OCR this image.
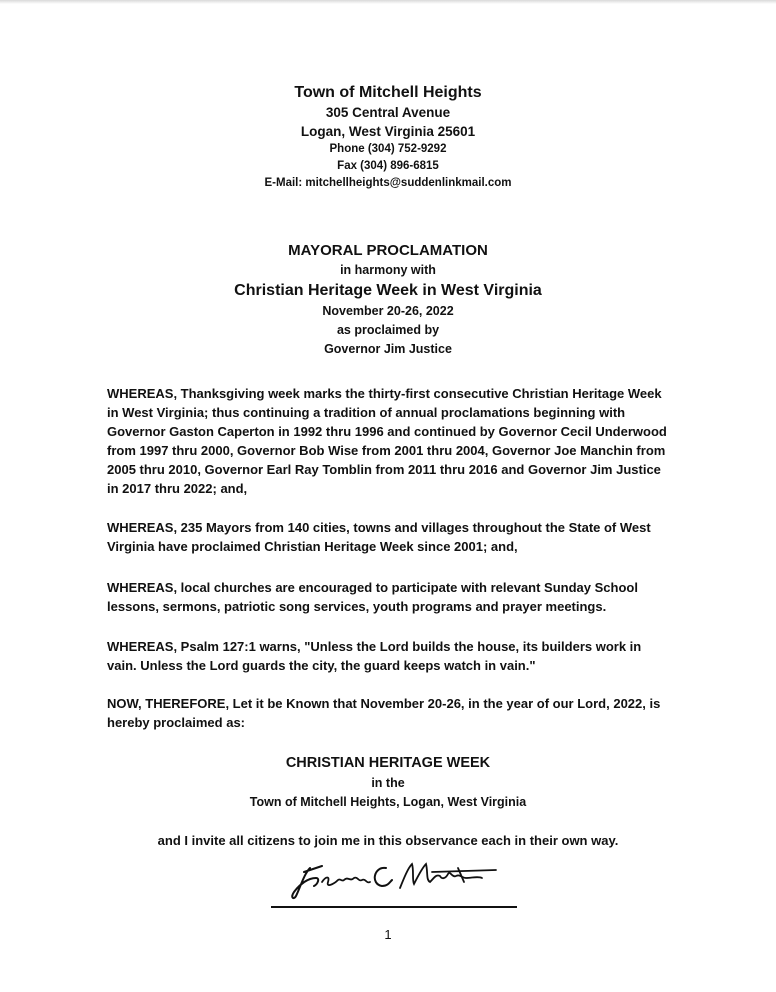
Town of Mitchell Heights
305 Central Avenue
Logan, West Virginia 25601
Phone (304) 752-9292
Fax (304) 896-6815
E-Mail: mitchellheights@suddenlinkmail.com
MAYORAL PROCLAMATION
in harmony with
Christian Heritage Week in West Virginia
November 20-26, 2022
as proclaimed by
Governor Jim Justice

WHEREAS, Thanksgiving week marks the thirty-first consecutive Christian Heritage Week in West Virginia; thus continuing a tradition of annual proclamations beginning with Governor Gaston Caperton in 1992 thru 1996 and continued by Governor Cecil Underwood from 1997 thru 2000, Governor Bob Wise from 2001 thru 2004, Governor Joe Manchin from 2005 thru 2010, Governor Earl Ray Tomblin from 2011 thru 2016 and Governor Jim Justice in 2017 thru 2022; and,

WHEREAS, 235 Mayors from 140 cities, towns and villages throughout the State of West Virginia have proclaimed Christian Heritage Week since 2001; and,

WHEREAS, local churches are encouraged to participate with relevant Sunday School lessons, sermons, patriotic song services, youth programs and prayer meetings.

WHEREAS, Psalm 127:1 warns, "Unless the Lord builds the house, its builders work in vain. Unless the Lord guards the city, the guard keeps watch in vain."

NOW, THEREFORE, Let it be Known that November 20-26, in the year of our Lord, 2022, is hereby proclaimed as:

CHRISTIAN HERITAGE WEEK
in the
Town of Mitchell Heights, Logan, West Virginia
and I invite all citizens to join me in this observance each in their own way.
1
